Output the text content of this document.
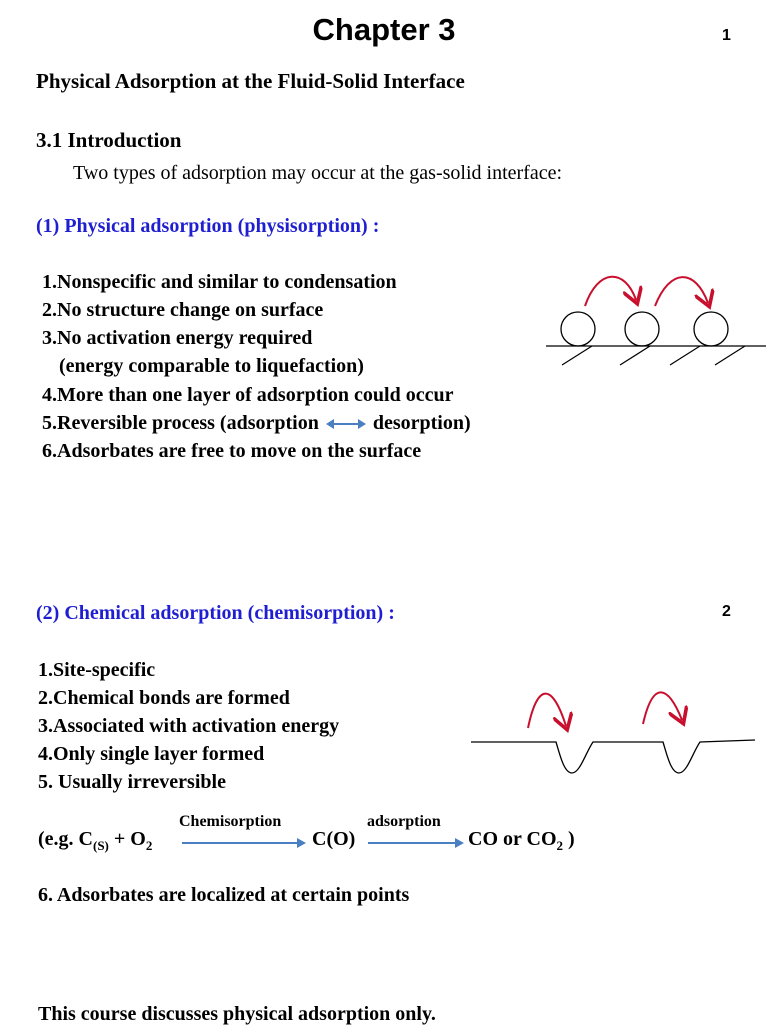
Chapter 3	1
Physical Adsorption at the Fluid-Solid Interface
3.1 Introduction
Two types of adsorption may occur at the gas-solid interface:
(1) Physical adsorption (physisorption) :
1.Nonspecific and similar to condensation
2.No structure change on surface
3.No activation energy required
(energy comparable to liquefaction)
4.More than one layer of adsorption could occur
5.Reversible process (adsorption	desorption)
6.Adsorbates are free to move on the surface
(2) Chemical adsorption (chemisorption) :	2
1.Site-specific
2.Chemical bonds are formed
3.Associated with activation energy
4.Only single layer formed
5. Usually irreversible
(e.g. $C_{(S)} + O_2$
Chemisorption
C(O)
adsorption
CO or $CO_2$ )
6. Adsorbates are localized at certain points
This course discusses physical adsorption only.
